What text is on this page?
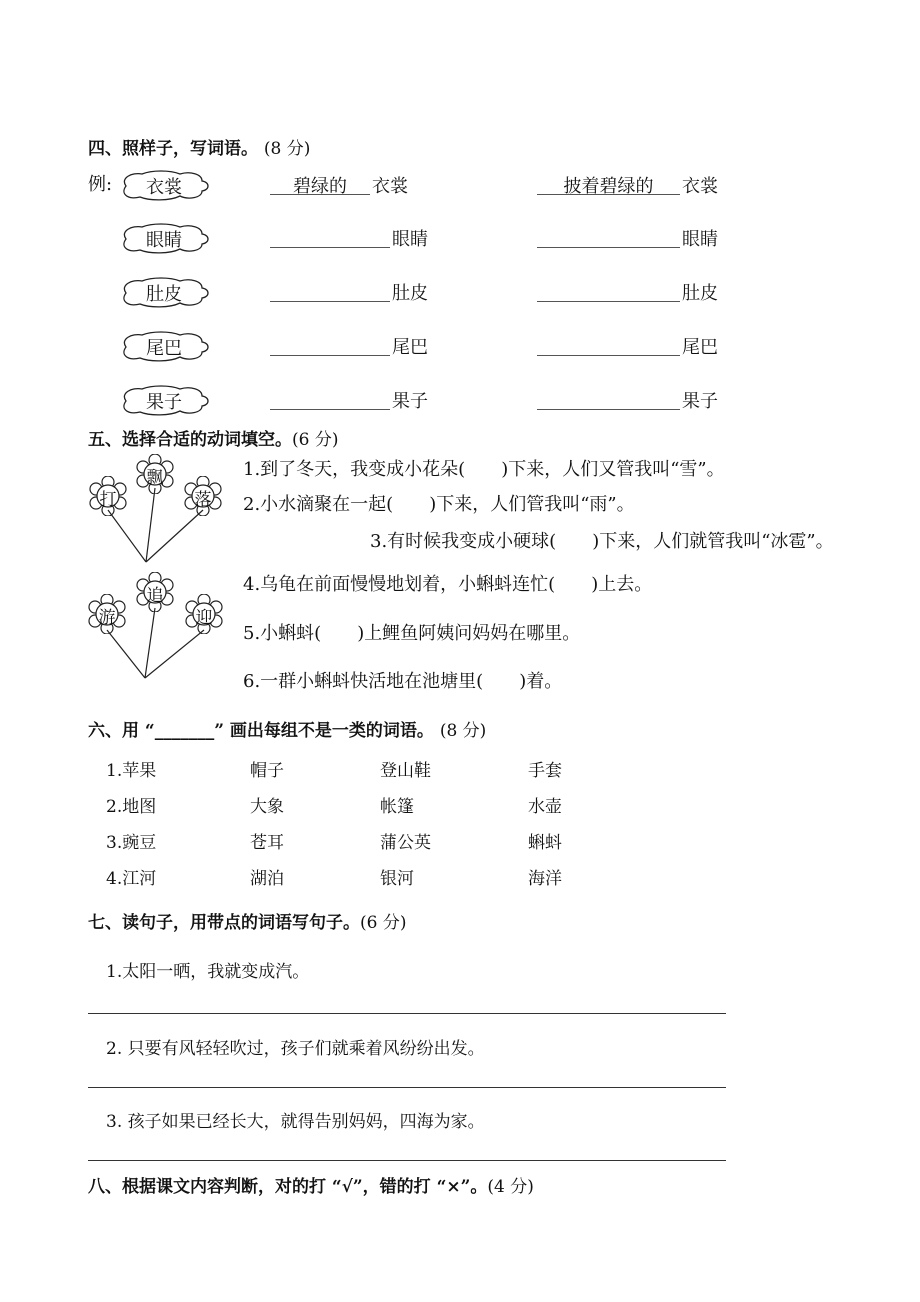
四、照样子，写词语。 (8 分)
例:	衣裳	碧绿的	衣裳	披着碧绿的	衣裳
眼睛	眼睛	眼睛
肚皮	肚皮	肚皮
尾巴	尾巴	尾巴
果子	果子	果子
五、选择合适的动词填空。(6 分)
打
飘
落
游
追
迎
1.到了冬天，我变成小花朵( )下来，人们又管我叫“雪”。
2.小水滴聚在一起( )下来，人们管我叫“雨”。
3.有时候我变成小硬球( )下来，人们就管我叫“冰雹”。
4.乌龟在前面慢慢地划着，小蝌蚪连忙( )上去。
5.小蝌蚪( )上鲤鱼阿姨问妈妈在哪里。
6.一群小蝌蚪快活地在池塘里( )着。
六、用 “_______” 画出每组不是一类的词语。 (8 分)
1.苹果	帽子	登山鞋	手套
2.地图	大象	帐篷	水壶
3.豌豆	苍耳	蒲公英	蝌蚪
4.江河	湖泊	银河	海洋
七、读句子，用带点的词语写句子。(6 分)
1.太阳一晒，我就变成汽。
2. 只要有风轻轻吹过，孩子们就乘着风纷纷出发。
3. 孩子如果已经长大，就得告别妈妈，四海为家。
八、根据课文内容判断，对的打 “√”，错的打 “×”。(4 分)
